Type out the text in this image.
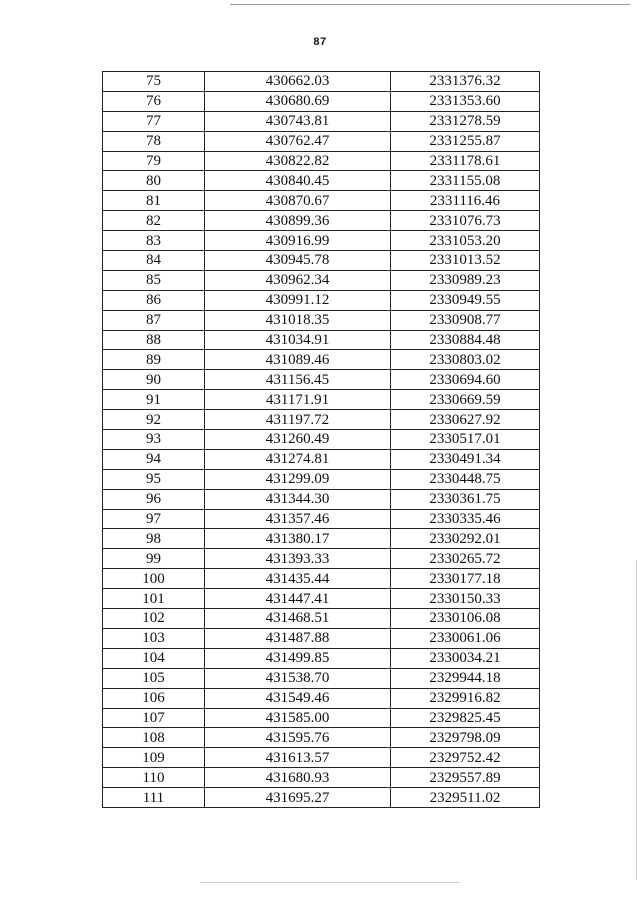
87
75	430662.03	2331376.32
76	430680.69	2331353.60
77	430743.81	2331278.59
78	430762.47	2331255.87
79	430822.82	2331178.61
80	430840.45	2331155.08
81	430870.67	2331116.46
82	430899.36	2331076.73
83	430916.99	2331053.20
84	430945.78	2331013.52
85	430962.34	2330989.23
86	430991.12	2330949.55
87	431018.35	2330908.77
88	431034.91	2330884.48
89	431089.46	2330803.02
90	431156.45	2330694.60
91	431171.91	2330669.59
92	431197.72	2330627.92
93	431260.49	2330517.01
94	431274.81	2330491.34
95	431299.09	2330448.75
96	431344.30	2330361.75
97	431357.46	2330335.46
98	431380.17	2330292.01
99	431393.33	2330265.72
100	431435.44	2330177.18
101	431447.41	2330150.33
102	431468.51	2330106.08
103	431487.88	2330061.06
104	431499.85	2330034.21
105	431538.70	2329944.18
106	431549.46	2329916.82
107	431585.00	2329825.45
108	431595.76	2329798.09
109	431613.57	2329752.42
110	431680.93	2329557.89
111	431695.27	2329511.02
